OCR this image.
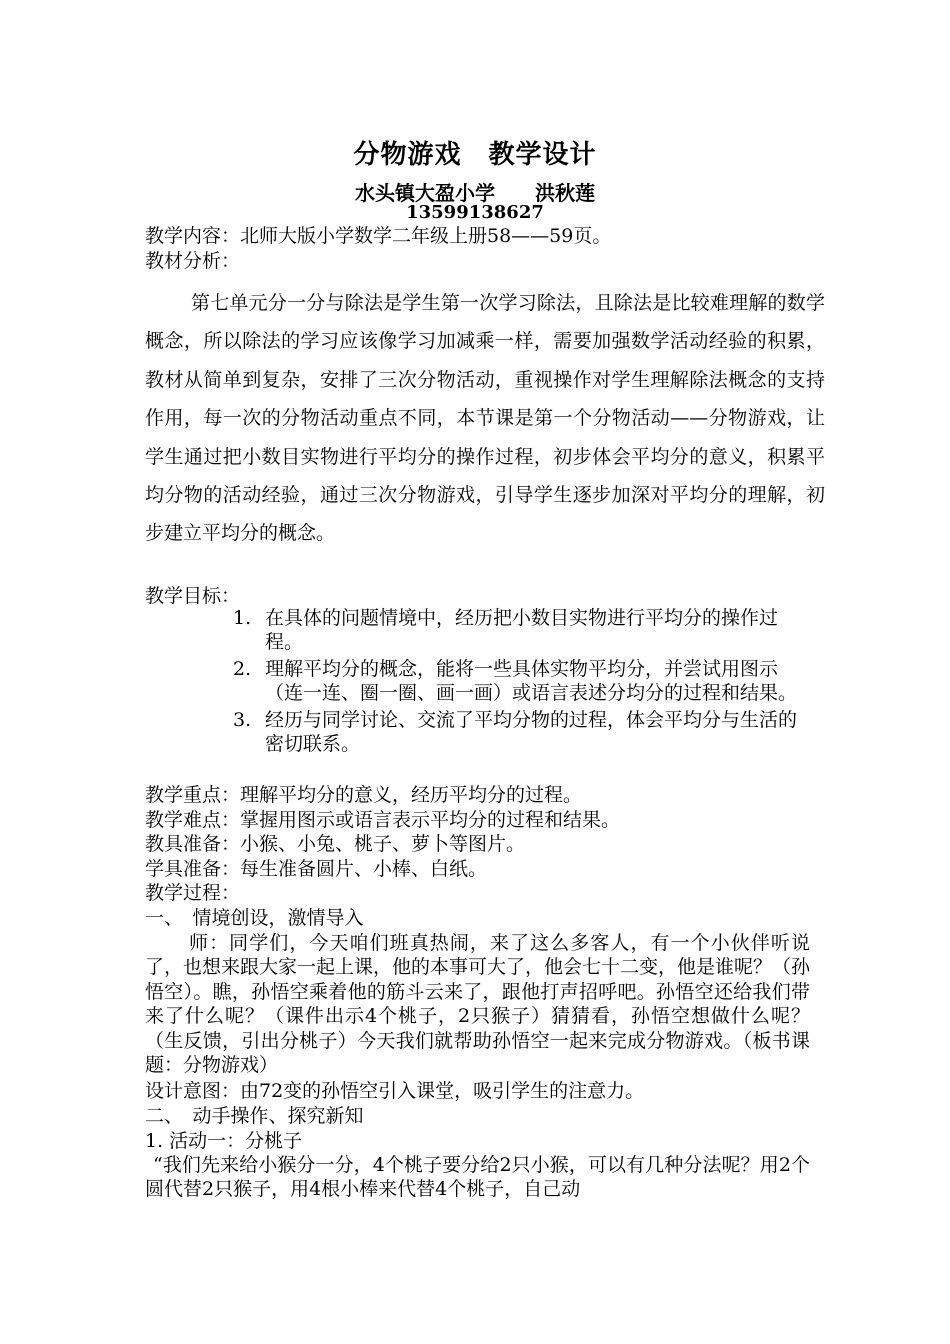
分物游戏　教学设计
水头镇大盈小学　　洪秋莲
13599138627
教学内容：北师大版小学数学二年级上册58——59页。
教材分析：
第七单元分一分与除法是学生第一次学习除法，且除法是比较难理解的数学概念，所以除法的学习应该像学习加减乘一样，需要加强数学活动经验的积累，教材从简单到复杂，安排了三次分物活动，重视操作对学生理解除法概念的支持作用，每一次的分物活动重点不同，本节课是第一个分物活动——分物游戏，让学生通过把小数目实物进行平均分的操作过程，初步体会平均分的意义，积累平均分物的活动经验，通过三次分物游戏，引导学生逐步加深对平均分的理解，初步建立平均分的概念。
教学目标：
1. 在具体的问题情境中，经历把小数目实物进行平均分的操作过程。
2. 理解平均分的概念，能将一些具体实物平均分，并尝试用图示（连一连、圈一圈、画一画）或语言表述分均分的过程和结果。
3. 经历与同学讨论、交流了平均分物的过程，体会平均分与生活的密切联系。
教学重点：理解平均分的意义，经历平均分的过程。
教学难点：掌握用图示或语言表示平均分的过程和结果。
教具准备：小猴、小兔、桃子、萝卜等图片。
学具准备：每生准备圆片、小棒、白纸。
教学过程：
一、　情境创设，激情导入
师：同学们，今天咱们班真热闹，来了这么多客人，有一个小伙伴听说了，也想来跟大家一起上课，他的本事可大了，他会七十二变，他是谁呢？（孙悟空）。瞧，孙悟空乘着他的筋斗云来了，跟他打声招呼吧。孙悟空还给我们带来了什么呢？（课件出示4个桃子，2只猴子）猜猜看，孙悟空想做什么呢？（生反馈，引出分桃子）今天我们就帮助孙悟空一起来完成分物游戏。（板书课题：分物游戏）
设计意图：由72变的孙悟空引入课堂，吸引学生的注意力。
二、　动手操作、探究新知
1. 活动一：分桃子
“我们先来给小猴分一分，4个桃子要分给2只小猴，可以有几种分法呢？用2个圆代替2只猴子，用4根小棒来代替4个桃子，自己动
